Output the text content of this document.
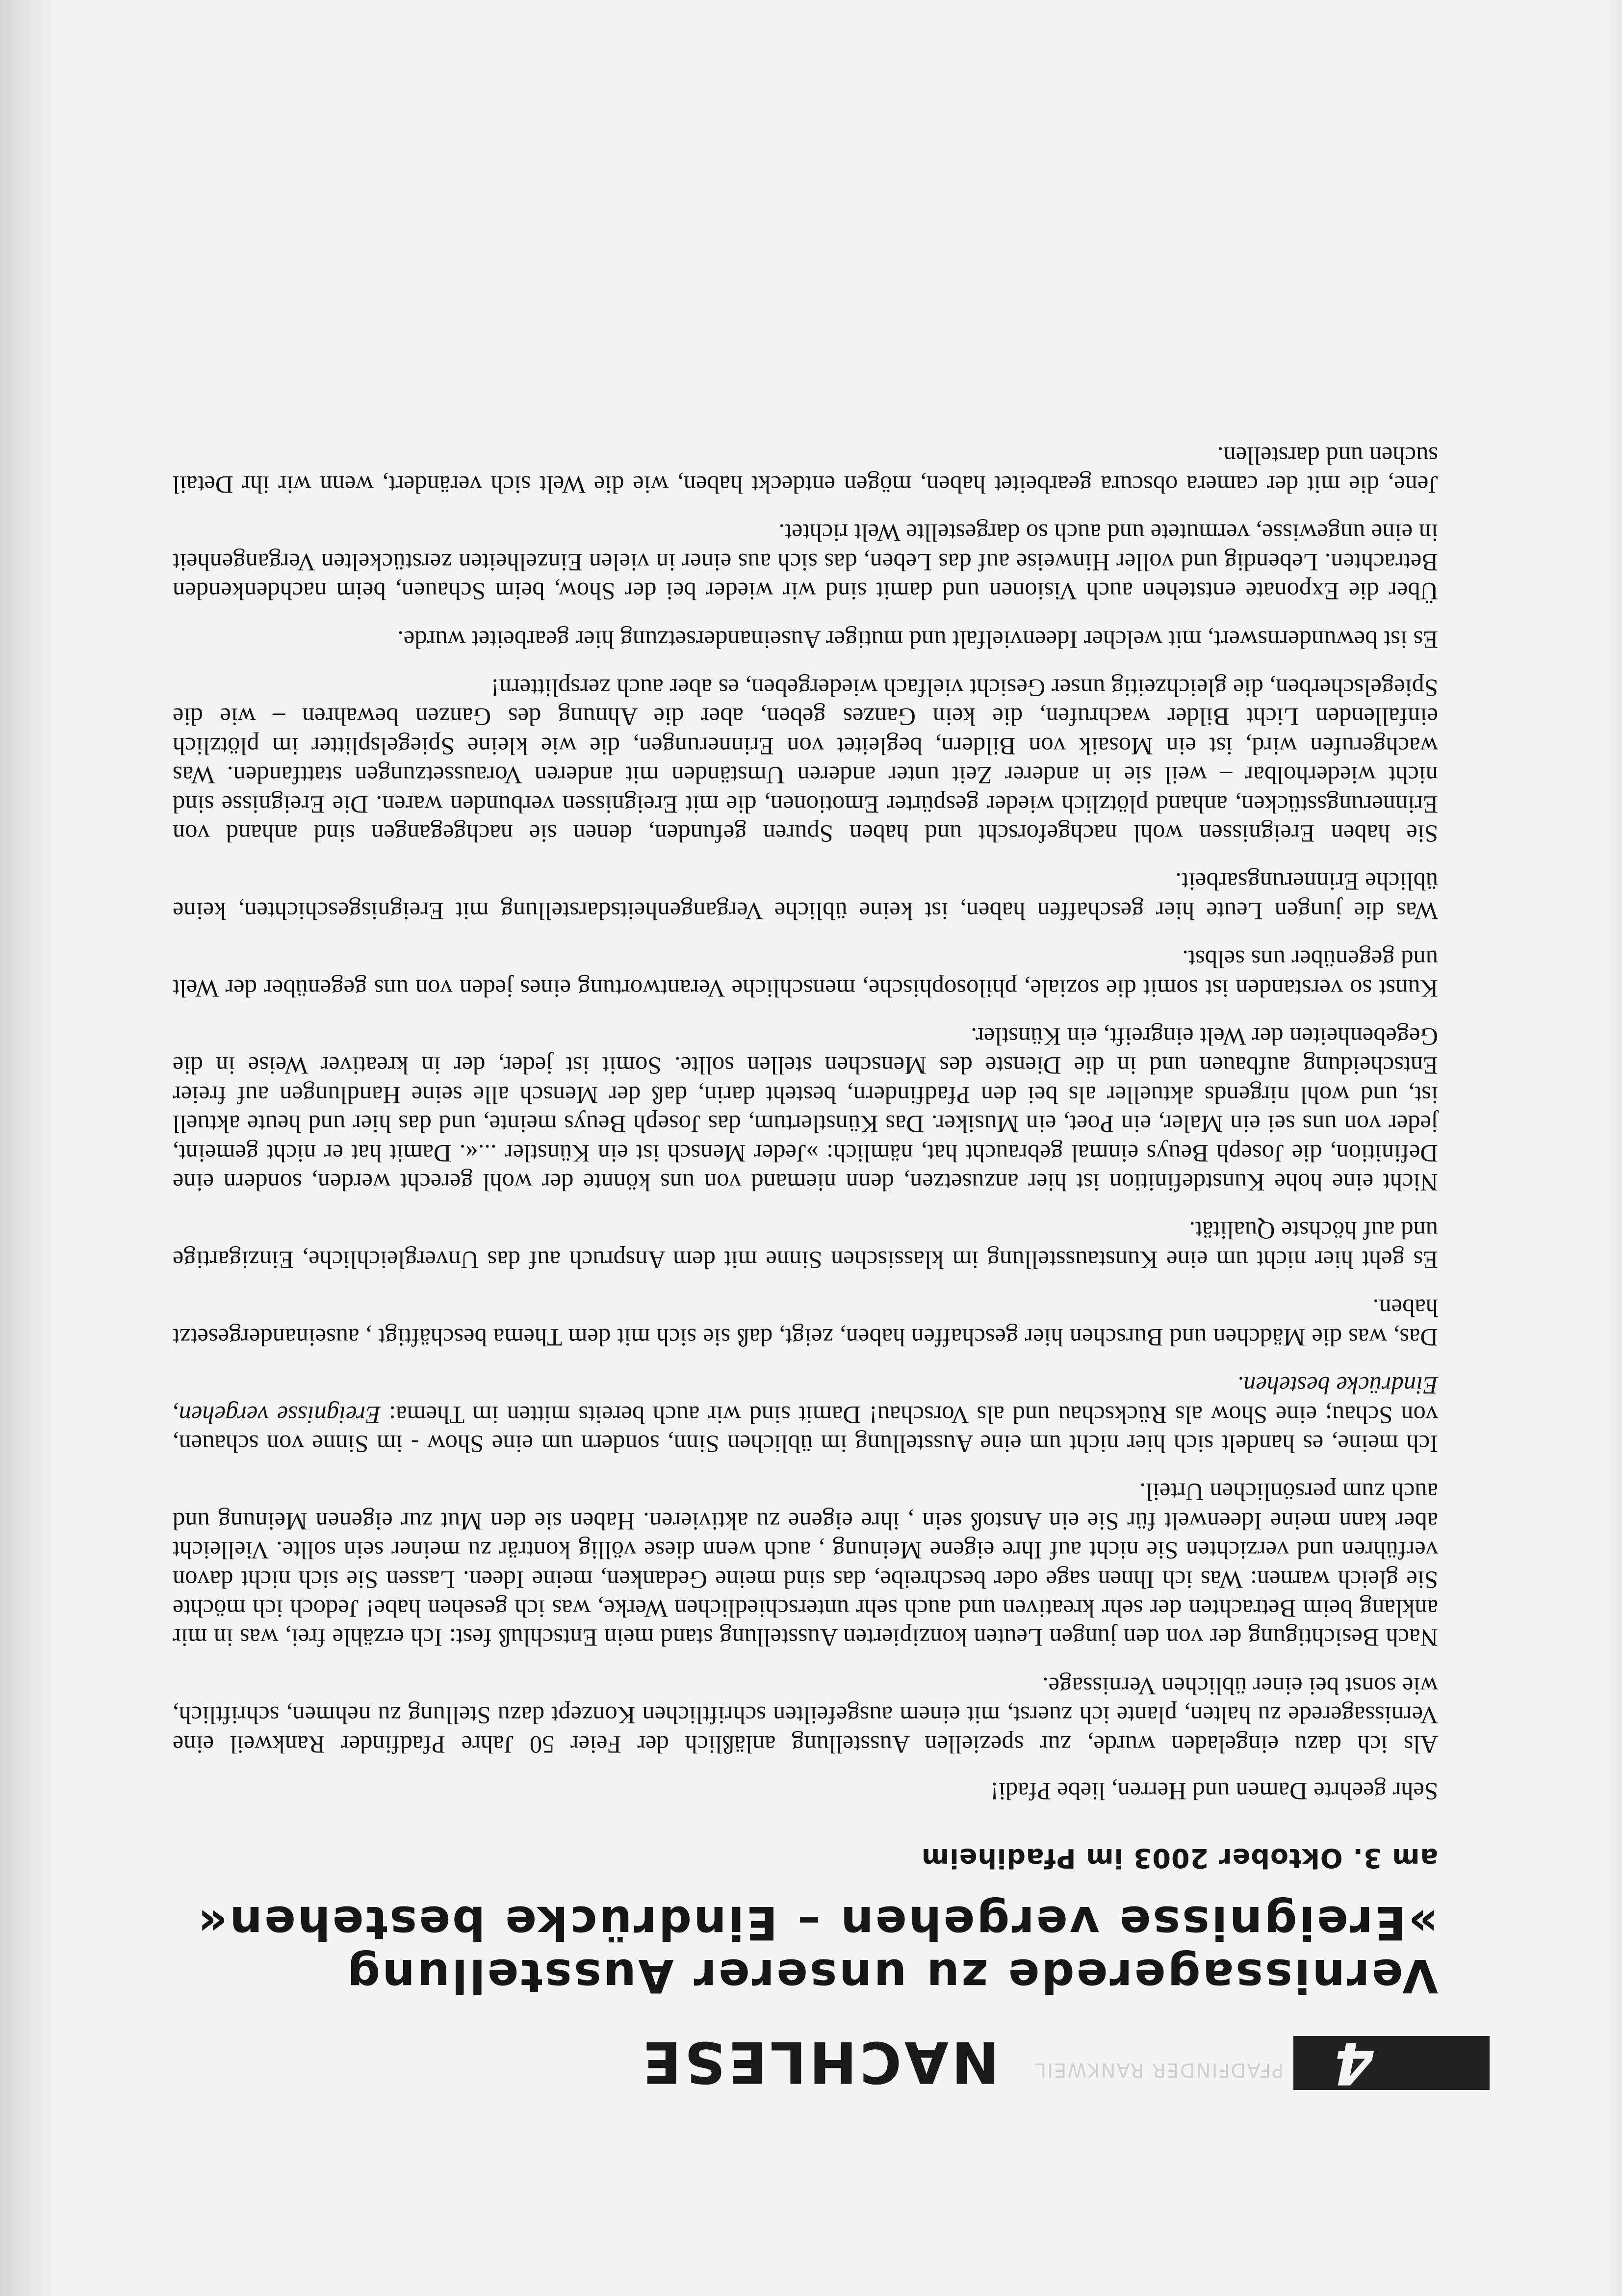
4
PFADFINDER RANKWEIL
NACHLESE
Vernissagerede zu unserer Ausstellung
»Ereignisse vergehen – Eindrücke bestehen«
am 3. Oktober 2003 im Pfadiheim

Sehr geehrte Damen und Herren, liebe Pfadi!

Als ich dazu eingeladen wurde, zur speziellen Ausstellung anläßlich der Feier 50 Jahre Pfadfinder Rankweil eine Vernissagerede zu halten, plante ich zuerst, mit einem ausgefeilten schriftlichen Konzept dazu Stellung zu nehmen, schriftlich, wie sonst bei einer üblichen Vernissage.

Nach Besichtigung der von den jungen Leuten konzipierten Ausstellung stand mein Entschluß fest: Ich erzähle frei, was in mir anklang beim Betrachten der sehr kreativen und auch sehr unterschiedlichen Werke, was ich gesehen habe! Jedoch ich möchte Sie gleich warnen: Was ich Ihnen sage oder beschreibe, das sind meine Gedanken, meine Ideen. Lassen Sie sich nicht davon verführen und verzichten Sie nicht auf Ihre eigene Meinung , auch wenn diese völlig konträr zu meiner sein sollte. Vielleicht aber kann meine Ideenwelt für Sie ein Anstoß sein , ihre eigene zu aktivieren. Haben sie den Mut zur eigenen Meinung und auch zum persönlichen Urteil.

Ich meine, es handelt sich hier nicht um eine Ausstellung im üblichen Sinn, sondern um eine Show - im Sinne von schauen, von Schau; eine Show als Rückschau und als Vorschau! Damit sind wir auch bereits mitten im Thema: Ereignisse vergehen, Eindrücke bestehen.

Das, was die Mädchen und Burschen hier geschaffen haben, zeigt, daß sie sich mit dem Thema beschäftigt , auseinandergesetzt haben.

Es geht hier nicht um eine Kunstausstellung im klassischen Sinne mit dem Anspruch auf das Unvergleichliche, Einzigartige und auf höchste Qualität.

Nicht eine hohe Kunstdefinition ist hier anzusetzen, denn niemand von uns könnte der wohl gerecht werden, sondern eine Definition, die Joseph Beuys einmal gebraucht hat, nämlich: »Jeder Mensch ist ein Künstler ...«. Damit hat er nicht gemeint, jeder von uns sei ein Maler, ein Poet, ein Musiker. Das Künstlertum, das Joseph Beuys meinte, und das hier und heute aktuell ist, und wohl nirgends aktueller als bei den Pfadfindern, besteht darin, daß der Mensch alle seine Handlungen auf freier Entscheidung aufbauen und in die Dienste des Menschen stellen sollte. Somit ist jeder, der in kreativer Weise in die Gegebenheiten der Welt eingreift, ein Künstler.

Kunst so verstanden ist somit die soziale, philosophische, menschliche Verantwortung eines jeden von uns gegenüber der Welt und gegenüber uns selbst.

Was die jungen Leute hier geschaffen haben, ist keine übliche Vergangenheitsdarstellung mit Ereignisgeschichten, keine übliche Erinnerungsarbeit.

Sie haben Ereignissen wohl nachgeforscht und haben Spuren gefunden, denen sie nachgegangen sind anhand von Erinnerungsstücken, anhand plötzlich wieder gespürter Emotionen, die mit Ereignissen verbunden waren. Die Ereignisse sind nicht wiederholbar – weil sie in anderer Zeit unter anderen Umständen mit anderen Voraussetzungen stattfanden. Was wachgerufen wird, ist ein Mosaik von Bildern, begleitet von Erinnerungen, die wie kleine Spiegelsplitter im plötzlich einfallenden Licht Bilder wachrufen, die kein Ganzes geben, aber die Ahnung des Ganzen bewahren – wie die Spiegelscherben, die gleichzeitig unser Gesicht vielfach wiedergeben, es aber auch zersplittern!

Es ist bewundernswert, mit welcher Ideenvielfalt und mutiger Auseinandersetzung hier gearbeitet wurde.

Über die Exponate entstehen auch Visionen und damit sind wir wieder bei der Show, beim Schauen, beim nachdenkenden Betrachten. Lebendig und voller Hinweise auf das Leben, das sich aus einer in vielen Einzelheiten zerstückelten Vergangenheit in eine ungewisse, vermutete und auch so dargestellte Welt richtet.

Jene, die mit der camera obscura gearbeitet haben, mögen entdeckt haben, wie die Welt sich verändert, wenn wir ihr Detail suchen und darstellen.
